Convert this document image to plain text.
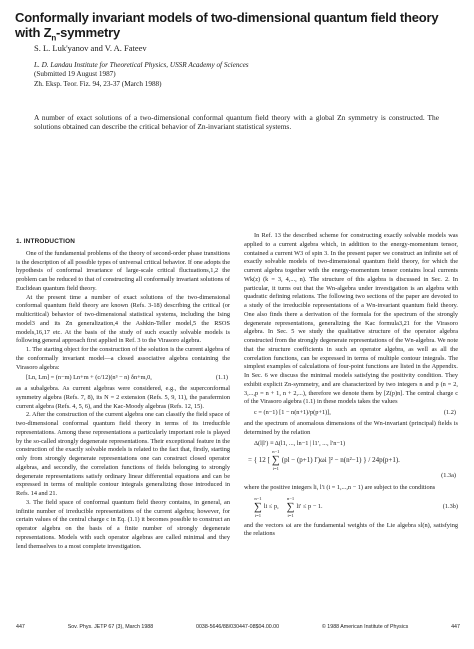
Conformally invariant models of two-dimensional quantum field theory
with $Z_n$-symmetry
S. L. Luk'yanov and V. A. Fateev
L. D. Landau Institute for Theoretical Physics, USSR Academy of Sciences
(Submitted 19 August 1987)
Zh. Eksp. Teor. Fiz. 94, 23-37 (March 1988)
A number of exact solutions of a two-dimensional conformal quantum field theory with a global Zn symmetry is constructed. The solutions obtained can describe the critical behavior of Zn-invariant statistical systems.
1. INTRODUCTION

One of the fundamental problems of the theory of second-order phase transitions is the description of all possible types of universal critical behavior. If one adopts the hypothesis of conformal invariance of large-scale critical fluctuations,1,2 the problem can be reduced to that of constructing all conformally invariant solutions of Euclidean quantum field theory.

At the present time a number of exact solutions of the two-dimensional conformal quantum field theory are known (Refs. 3-18) describing the critical (or multicritical) behavior of two-dimensional statistical systems, including the Ising model3 and its Zn generalization,4 the Ashkin-Teller model,5 the RSOS models,16,17 etc. At the basis of the study of such exactly solvable models is following general approach first applied in Ref. 3 to the Virasoro algebra.

1. The starting object for the construction of the solution is the current algebra of the conformally invariant model—a closed associative algebra containing the Virasoro algebra:

[Ln, Lm] = (n−m) Ln+m + (c/12)(n³ − n) δn+m,0,	(1.1)

as a subalgebra. As current algebras were considered, e.g., the superconformal symmetry algebra (Refs. 7, 8), its N = 2 extension (Refs. 5, 9, 11), the parafermion current algebra (Refs. 4, 5, 6), and the Kac-Moody algebras (Refs. 12, 15).

2. After the construction of the current algebra one can classify the field space of two-dimensional conformal quantum field theory in terms of its irreducible representations. Among these representations a particularly important role is played by the so-called strongly degenerate representations. Their exceptional feature in the construction of the exactly solvable models is related to the fact that, firstly, starting only from strongly degenerate representations one can construct closed operator algebras, and secondly, the correlation functions of fields belonging to strongly degenerate representations satisfy ordinary linear differential equations and can be expressed in terms of multiple contour integrals generalizing those introduced in Refs. 14 and 21.

3. The field space of conformal quantum field theory contains, in general, an infinite number of irreducible representations of the current algebra; however, for certain values of the central charge c in Eq. (1.1) it becomes possible to construct an operator algebra on the basis of a finite number of strongly degenerate representations. Models with such operator algebras are called minimal and they lend themselves to a most complete investigation.

In Ref. 13 the described scheme for constructing exactly solvable models was applied to a current algebra which, in addition to the energy-momentum tensor, contained a current W3 of spin 3. In the present paper we construct an infinite set of exactly solvable models of two-dimensional quantum field theory, for which the current algebra together with the energy-momentum tensor contains local currents Wk(z) (k = 3, 4,..., n). The structure of this algebra is discussed in Sec. 2. In particular, it turns out that the Wn-algebra under investigation is an algebra with quadratic defining relations. The following two sections of the paper are devoted to a study of the irreducible representations of a Wn-invariant quantum field theory. One also finds there a derivation of the formula for the spectrum of the strongly degenerate representations, generalizing the Kac formula3,21 for the Virasoro algebra. In Sec. 5 we study the qualitative structure of the operator algebra constructed from the strongly degenerate representations of the Wn-algebra. We note that the structure coefficients in such an operator algebra, as well as all the correlation functions, can be expressed in terms of multiple contour integrals. The simplest examples of calculations of four-point functions are listed in the Appendix. In Sec. 6 we discuss the minimal models satisfying the positivity condition. They exhibit explicit Zn-symmetry, and are characterized by two integers n and p (n = 2, 3,...,p = n + 1, n + 2,...), therefore we denote them by [Z(p)n]. The central charge c of the Virasoro algebra (1.1) in these models takes the values

c = (n−1) [1 − n(n+1)/p(p+1)],	(1.2)

and the spectrum of anomalous dimensions of the Wn-invariant (principal) fields is determined by the relation

Δ(l|l′) ≡ Δ(l1, ..., ln−1 | l1′, ..., l′n−1)
= { 12 [
n−1
∑
i=1
(pl − (p+1) l′)ωi ]² − n(n²−1) } / 24p(p+1).
(1.3a)

where the positive integers li, l′i (i = 1,...,n − 1) are subject to the conditions

n−1
∑
i=1
li ≤ p,
n−1
∑
i=1
li′ ≤ p − 1.	(1.3b)

and the vectors ωi are the fundamental weights of the Lie algebra sl(n), satisfying the relations

447	Sov. Phys. JETP 67 (3), March 1988	0038-5646/88/030447-08$04.00.00	© 1988 American Institute of Physics	447
